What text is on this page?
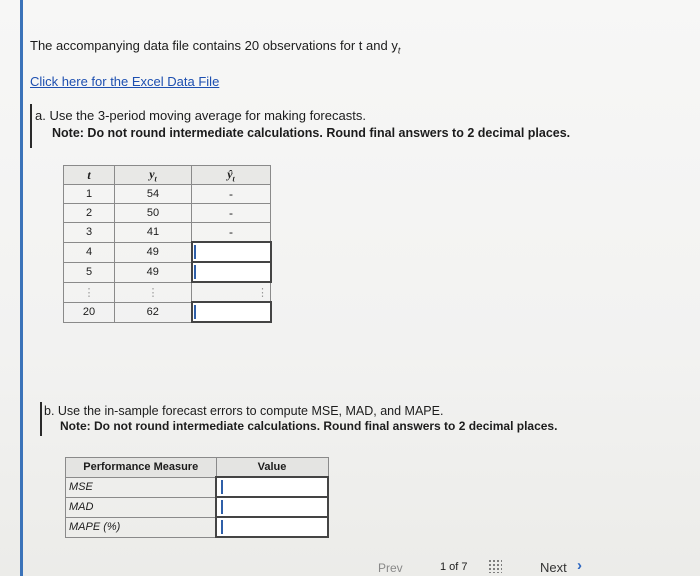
The accompanying data file contains 20 observations for t and $y_t$
Click here for the Excel Data File
a. Use the 3-period moving average for making forecasts.
Note: Do not round intermediate calculations. Round final answers to 2 decimal places.
t	$y_t$	$ŷ_t$
1	54	-
2	50	-
3	41	-
4	49	

5	49	

⋮	⋮	⋮
20	62	
b. Use the in-sample forecast errors to compute MSE, MAD, and MAPE.
Note: Do not round intermediate calculations. Round final answers to 2 decimal places.
Performance Measure	Value
MSE	

MAD	

MAPE (%)	
Prev	1 of 7	Next ›
